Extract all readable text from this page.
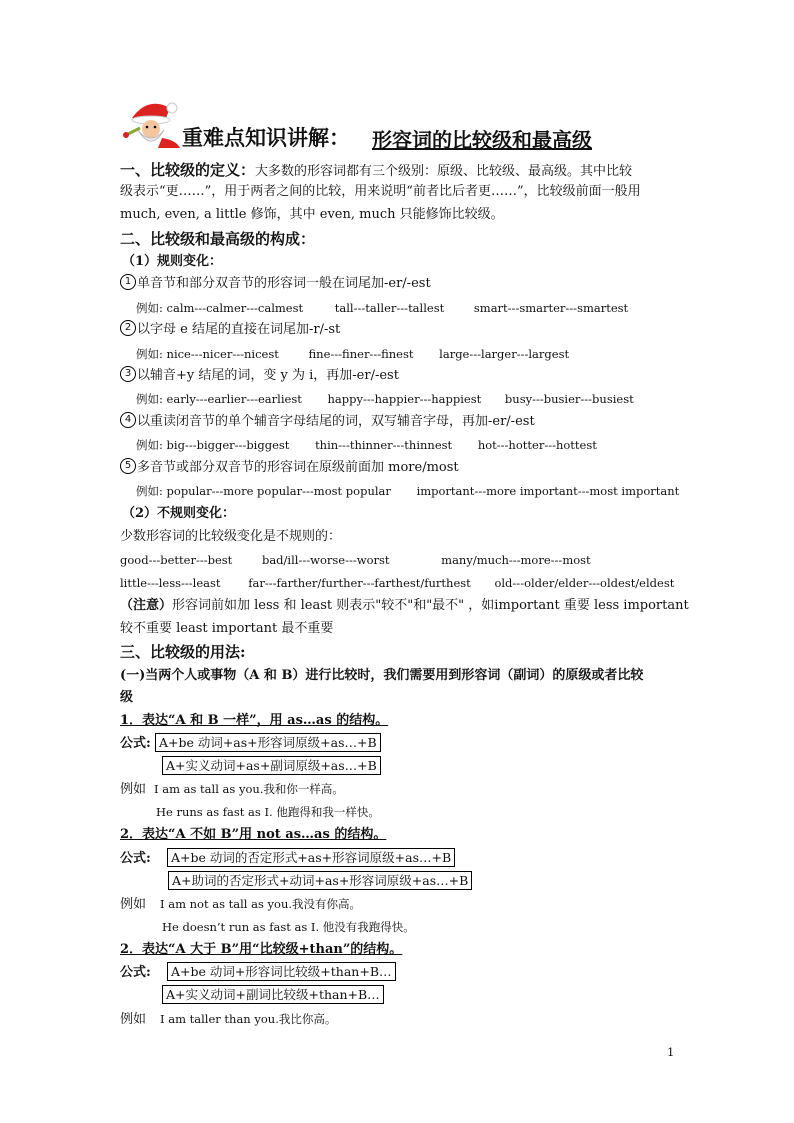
重难点知识讲解： 形容词的比较级和最高级
一、比较级的定义：大多数的形容词都有三个级别：原级、比较级、最高级。其中比较
级表示“更……”，用于两者之间的比较，用来说明“前者比后者更……”，比较级前面一般用
much, even, a little 修饰，其中 even, much 只能修饰比较级。
二、比较级和最高级的构成：
（1）规则变化：
1 单音节和部分双音节的形容词一般在词尾加-er/-est
例如: calm---calmer---calmest	tall---taller---tallest	smart---smarter---smartest
2 以字母 e 结尾的直接在词尾加-r/-st
例如: nice---nicer---nicest	fine---finer---finest large---larger---largest
3 以辅音+y 结尾的词，变 y 为 i，再加-er/-est
例如: early---earlier---earliest happy---happier---happiest busy---busier---busiest
4 以重读闭音节的单个辅音字母结尾的词，双写辅音字母，再加-er/-est
例如: big---bigger---biggest thin---thinner---thinnest hot---hotter---hottest
5 多音节或部分双音节的形容词在原级前面加 more/most
例如: popular---more popular---most popular important---more important---most important
（2）不规则变化：
少数形容词的比较级变化是不规则的：
good---better---best	bad/ill---worse---worst	many/much---more---most
little---less---least far---farther/further---farthest/furthest old---older/elder---oldest/eldest
（注意）形容词前如加 less 和 least 则表示"较不"和"最不" ，如important 重要 less important
较不重要 least important 最不重要
三、比较级的用法:
(一)当两个人或事物（A 和 B）进行比较时，我们需要用到形容词（副词）的原级或者比较
级
1．表达“A 和 B 一样”，用 as…as 的结构。
公式: A+be 动词+as+形容词原级+as…+B
A+实义动词+as+副词原级+as…+B
例如 I am as tall as you.我和你一样高。
He runs as fast as I. 他跑得和我一样快。
2．表达“A 不如 B”用 not as…as 的结构。
公式: A+be 动词的否定形式+as+形容词原级+as…+B
A+助词的否定形式+动词+as+形容词原级+as…+B
例如 I am not as tall as you.我没有你高。
He doesn’t run as fast as I. 他没有我跑得快。
2．表达“A 大于 B”用“比较级+than”的结构。
公式: A+be 动词+形容词比较级+than+B…
A+实义动词+副词比较级+than+B…
例如 I am taller than you.我比你高。
1
